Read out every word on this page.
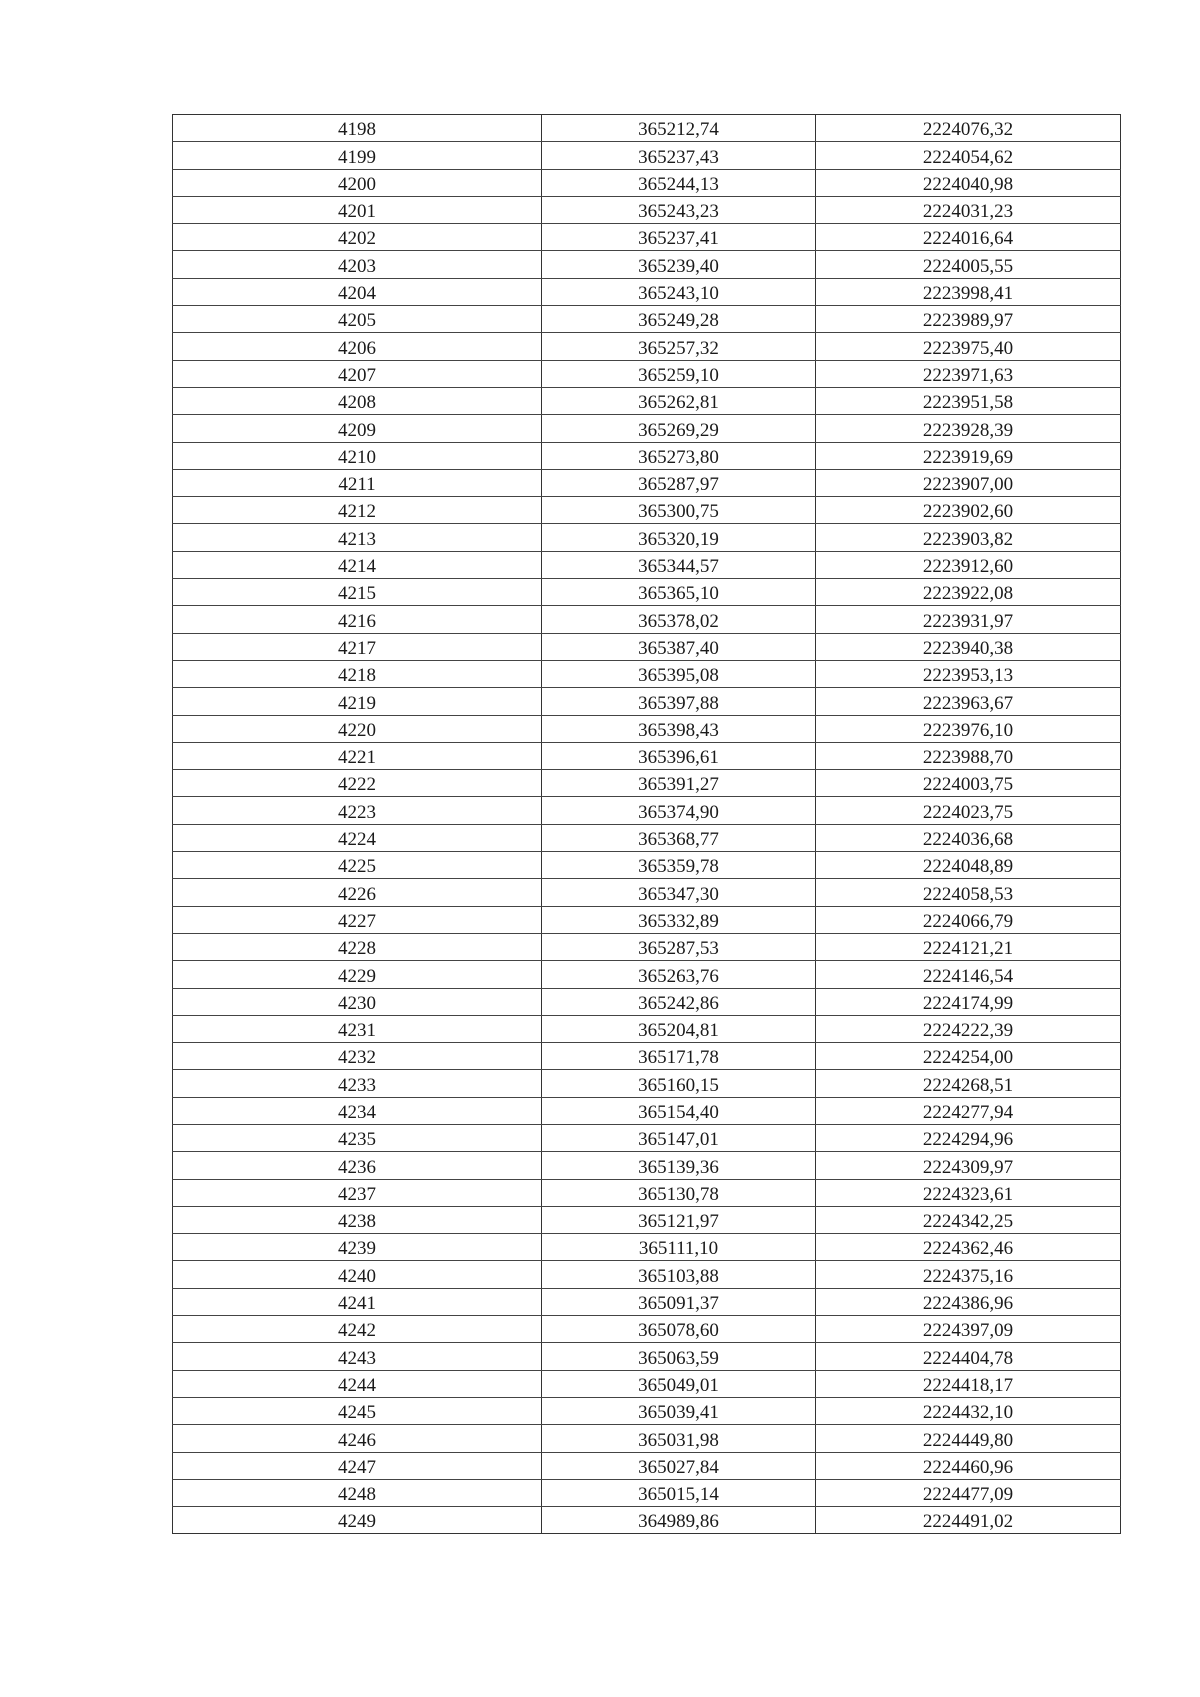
4198	365212,74	2224076,32
4199	365237,43	2224054,62
4200	365244,13	2224040,98
4201	365243,23	2224031,23
4202	365237,41	2224016,64
4203	365239,40	2224005,55
4204	365243,10	2223998,41
4205	365249,28	2223989,97
4206	365257,32	2223975,40
4207	365259,10	2223971,63
4208	365262,81	2223951,58
4209	365269,29	2223928,39
4210	365273,80	2223919,69
4211	365287,97	2223907,00
4212	365300,75	2223902,60
4213	365320,19	2223903,82
4214	365344,57	2223912,60
4215	365365,10	2223922,08
4216	365378,02	2223931,97
4217	365387,40	2223940,38
4218	365395,08	2223953,13
4219	365397,88	2223963,67
4220	365398,43	2223976,10
4221	365396,61	2223988,70
4222	365391,27	2224003,75
4223	365374,90	2224023,75
4224	365368,77	2224036,68
4225	365359,78	2224048,89
4226	365347,30	2224058,53
4227	365332,89	2224066,79
4228	365287,53	2224121,21
4229	365263,76	2224146,54
4230	365242,86	2224174,99
4231	365204,81	2224222,39
4232	365171,78	2224254,00
4233	365160,15	2224268,51
4234	365154,40	2224277,94
4235	365147,01	2224294,96
4236	365139,36	2224309,97
4237	365130,78	2224323,61
4238	365121,97	2224342,25
4239	365111,10	2224362,46
4240	365103,88	2224375,16
4241	365091,37	2224386,96
4242	365078,60	2224397,09
4243	365063,59	2224404,78
4244	365049,01	2224418,17
4245	365039,41	2224432,10
4246	365031,98	2224449,80
4247	365027,84	2224460,96
4248	365015,14	2224477,09
4249	364989,86	2224491,02
